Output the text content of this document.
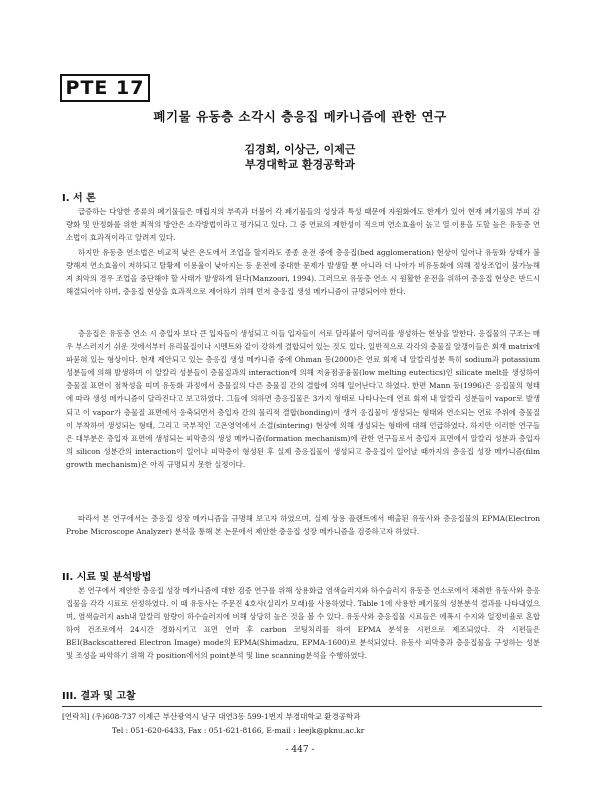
PTE 17
폐기물 유동층 소각시 층응집 메카니즘에 관한 연구
김경회, 이상근, 이제근
부경대학교 환경공학과
I. 서 론

급증하는 다양한 종류의 폐기물들은 매립지의 부족과 더불어 각 폐기물들의 성상과 특성 때문에 자원화에도 한계가 있어 현재 폐기물의 부피 감량화 및 안정화를 위한 최적의 방안은 소각방법이라고 평가되고 있다. 그 중 연료의 제한성이 적으며 연소효율이 높고 열 이용을 도할 높은 유동층 연소법이 효과적이라고 알려져 있다.

하지만 유동층 연소법은 비교적 낮은 온도에서 조업을 할지라도 종종 운전 중에 층응집(bed agglomeration) 현상이 일어나 유동화 상태가 불량해져 연소효율이 저하되고 탈황제 이용율이 낮아지는 등 운전에 중대한 문제가 발생할 뿐 아니라 더 나아가 비유동화에 의해 정상조업이 불가능해져 최악의 경우 조업을 중단해야 할 사태가 발생하게 된다(Manzoori, 1994). 그러므로 유동층 연소 시 원활한 운전을 위하여 층응집 현상은 반드시 해결되어야 하며, 층응집 현상을 효과적으로 제어하기 위해 먼저 층응집 생성 메카니즘이 규명되어야 한다.

층응집은 유동층 연소 시 층입자 보다 큰 입자들이 생성되고 이들 입자들이 서로 달라붙어 덩어리를 생성하는 현상을 말한다. 응집물의 구조는 매우 부스러지기 쉬운 것에서부터 유리물질이나 시멘트와 같이 강하게 결합되어 있는 것도 있다. 일반적으로 각각의 층물질 알갱이들은 회재 matrix에 파묻혀 있는 형상이다. 현재 제안되고 있는 층응집 생성 메카니즘 중에 Ohman 등(2000)은 연료 회재 내 알칼리성분 특히 sodium과 potassium 성분들에 의해 발생하며 이 알칼리 성분들이 층물질과의 interaction에 의해 저융점공융물(low melting eutectics)인 silicate melt를 생성하여 층물질 표면이 점착성을 띠며 유동화 과정에서 층물질의 다른 층물질 간의 결합에 의해 일어난다고 하였다. 한편 Mann 등(1996)은 응집물의 형태에 따라 생성 메카니즘이 달라진다고 보고하였다. 그들에 의하면 층응집물은 3가지 형태로 나타나는데 연료 회재 내 알칼리 성분들이 vapor로 발생되고 이 vapor가 층물질 표면에서 응축되면서 층입자 간의 물리적 결합(bonding)이 생겨 응집물이 생성되는 형태와 연소되는 연료 주위에 층물질이 부착하여 생성되는 형태, 그리고 국부적인 고온영역에서 소결(sintering) 현상에 의해 생성되는 형태에 대해 언급하였다. 하지만 이러한 연구들은 대부분은 층입자 표면에 생성되는 피막층의 생성 메카니즘(formation mechanism)에 관한 연구들로서 층입자 표면에서 알칼리 성분과 층입자의 silicon 성분간의 interaction이 일어나 피막층이 형성된 후 실제 층응집물이 생성되고 층응집이 일어날 때까지의 층응집 성장 메카니즘(film growth mechanism)은 아직 규명되지 못한 실정이다.

따라서 본 연구에서는 층응집 성장 메카니즘을 규명해 보고자 하였으며, 실제 상용 플랜트에서 배출된 유동사와 층응집물의 EPMA(Electron Probe Microscope Analyzer) 분석을 통해 본 논문에서 제안한 층응집 성장 메카니즘을 검증하고자 하였다.

II. 시료 및 분석방법

본 연구에서 제안한 층응집 성장 메카니즘에 대한 검증 연구를 위해 상용화급 염색슬러지와 하수슬러지 유동층 연소로에서 채취한 유동사와 층응집물을 각각 시료로 선정하였다. 이 때 유동사는 주문진 4호사(실리카 모래)를 사용하였다. Table 1에 사용한 폐기물의 성분분석 결과를 나타내었으며, 염색슬러지 ash내 알칼리 함량이 하수슬러지에 비해 상당히 높은 것을 볼 수 있다. 유동사와 층응집물 시료들은 에폭시 수지와 일정비율로 혼합하여 건조로에서 24시간 경화시키고 표면 연마 후 carbon 코팅처리를 하여 EPMA 분석용 시편으로 제조되었다. 각 시편들은 BEI(Backscattered Electron Image) mode의 EPMA(Shimadzu, EPMA-1600)로 분석되었다. 유동사 피막층과 층응집물을 구성하는 성분 및 조성을 파악하기 위해 각 position에서의 point분석 및 line scanning분석을 수행하였다.

III. 결과 및 고찰
[연락처] (우)608-737 이제근 부산광역시 남구 대연3동 599-1번지 부경대학교 환경공학과
Tel : 051-620-6433, Fax : 051-621-8166, E-mail : leejk@pknu.ac.kr
- 447 -
